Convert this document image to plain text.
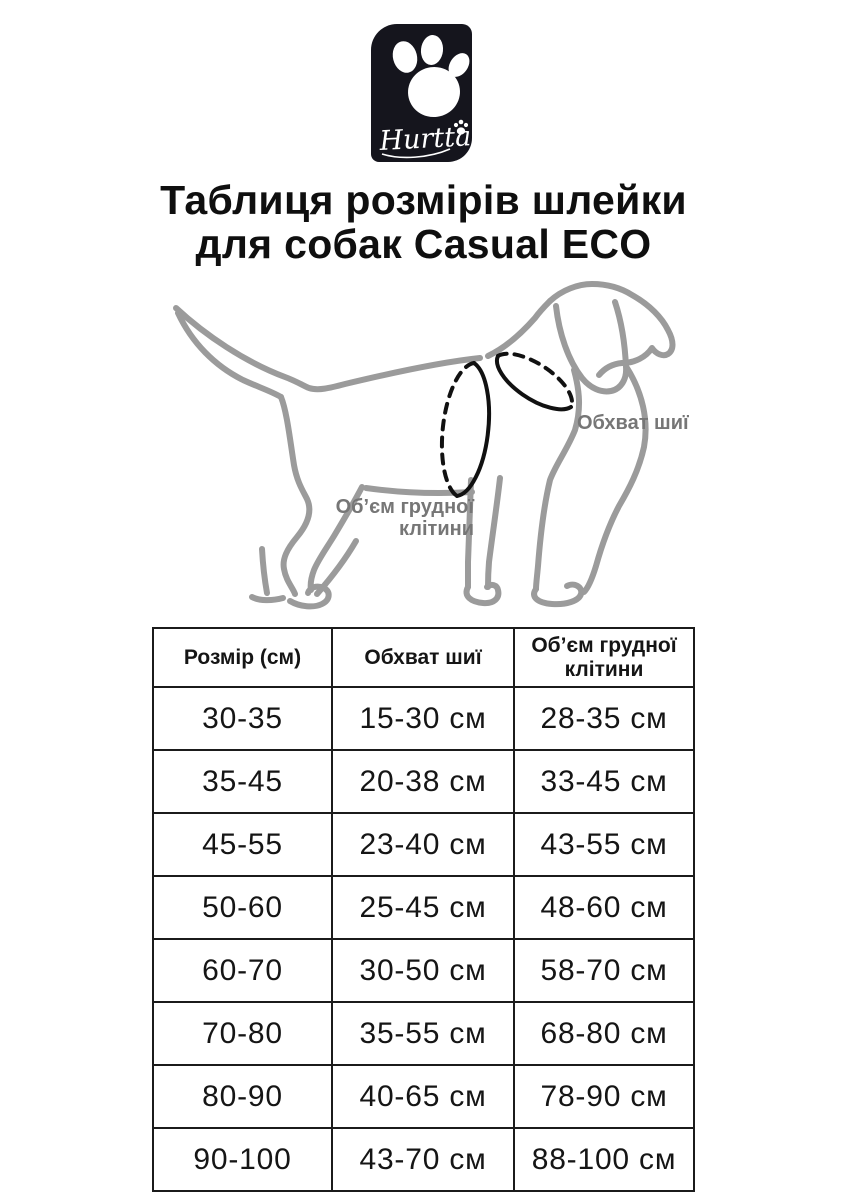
Hurtta
Таблиця розмірів шлейки
для собак Casual ECO
Обхват шиї
Об’єм грудної
клітини
Розмір (см)	Обхват шиї	Об’єм грудної клітини
30-35	15-30 см	28-35 см
35-45	20-38 см	33-45 см
45-55	23-40 см	43-55 см
50-60	25-45 см	48-60 см
60-70	30-50 см	58-70 см
70-80	35-55 см	68-80 см
80-90	40-65 см	78-90 см
90-100	43-70 см	88-100 см
